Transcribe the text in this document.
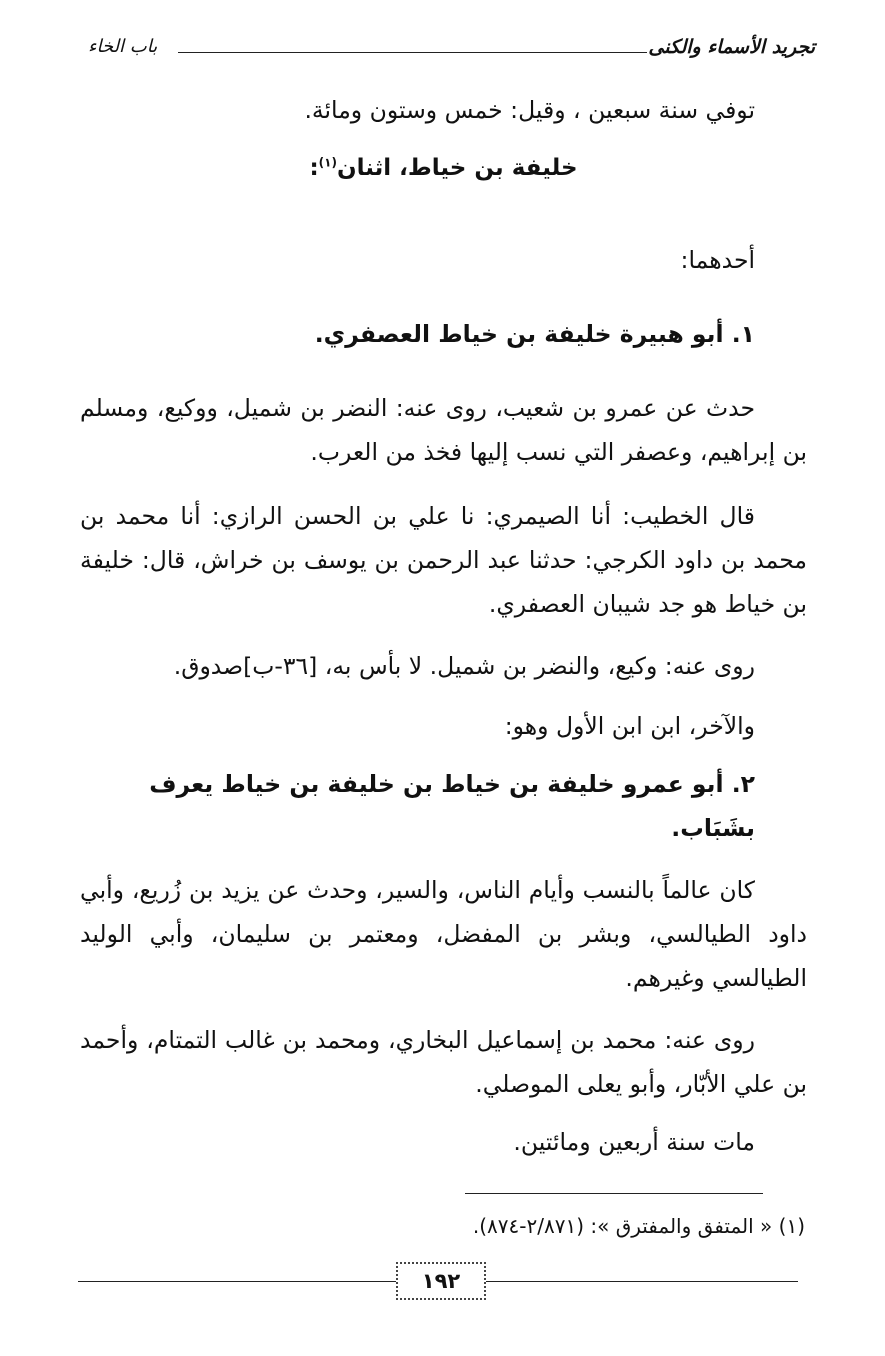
تجريد الأسماء والكنى
باب الخاء

توفي سنة سبعين ، وقيل: خمس وستون ومائة.

خليفة بن خياط، اثنان$^{(١)}$:

أحدهما:

١. أبو هبيرة خليفة بن خياط العصفري.

حدث عن عمرو بن شعيب، روى عنه: النضر بن شميل، ووكيع، ومسلم بن إبراهيم، وعصفر التي نسب إليها فخذ من العرب.

قال الخطيب: أنا الصيمري: نا علي بن الحسن الرازي: أنا محمد بن محمد بن داود الكرجي: حدثنا عبد الرحمن بن يوسف بن خراش، قال: خليفة بن خياط هو جد شيبان العصفري.

روى عنه: وكيع، والنضر بن شميل. لا بأس به، [٣٦-ب]صدوق.

والآخر، ابن ابن الأول وهو:

٢. أبو عمرو خليفة بن خياط بن خليفة بن خياط يعرف بشَبَاب.

كان عالماً بالنسب وأيام الناس، والسير، وحدث عن يزيد بن زُريع، وأبي داود الطيالسي، وبشر بن المفضل، ومعتمر بن سليمان، وأبي الوليد الطيالسي وغيرهم.

روى عنه: محمد بن إسماعيل البخاري، ومحمد بن غالب التمتام، وأحمد بن علي الأبّار، وأبو يعلى الموصلي.

مات سنة أربعين ومائتين.

(١) « المتفق والمفترق »: (٢/٨٧١-٨٧٤).
١٩٢
